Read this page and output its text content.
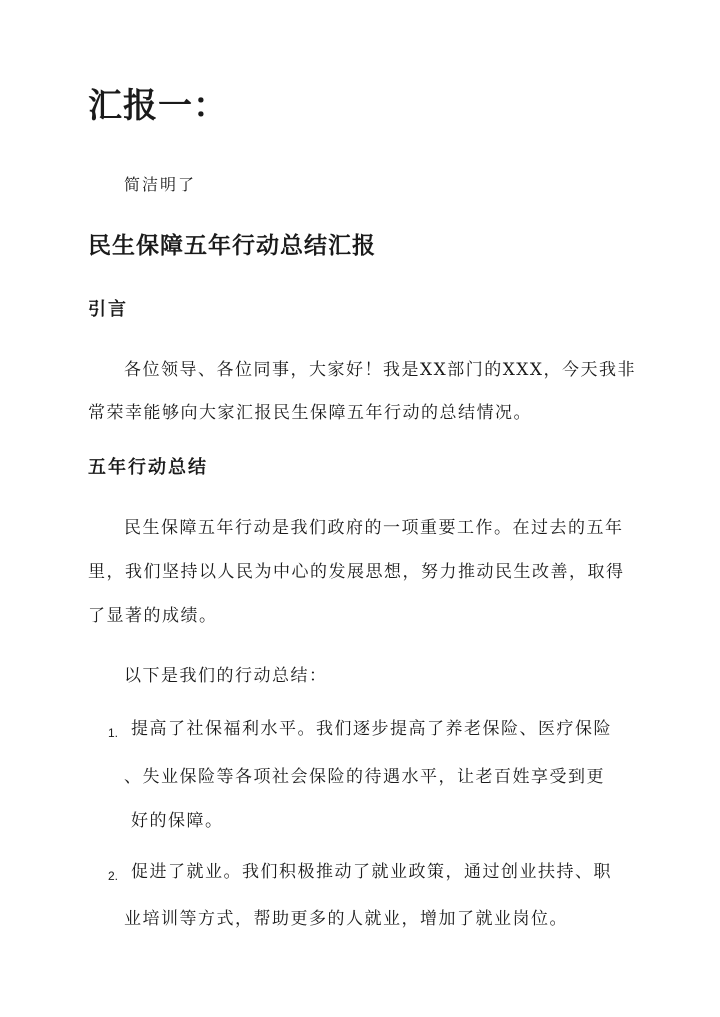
汇报一：
简洁明了
民生保障五年行动总结汇报
引言
各位领导、各位同事，大家好！我是XX部门的XXX，今天我非
常荣幸能够向大家汇报民生保障五年行动的总结情况。
五年行动总结
民生保障五年行动是我们政府的一项重要工作。在过去的五年
里，我们坚持以人民为中心的发展思想，努力推动民生改善，取得
了显著的成绩。
以下是我们的行动总结：
1. 提高了社保福利水平。我们逐步提高了养老保险、医疗保险
、失业保险等各项社会保险的待遇水平，让老百姓享受到更
好的保障。
2. 促进了就业。我们积极推动了就业政策，通过创业扶持、职
业培训等方式，帮助更多的人就业，增加了就业岗位。
